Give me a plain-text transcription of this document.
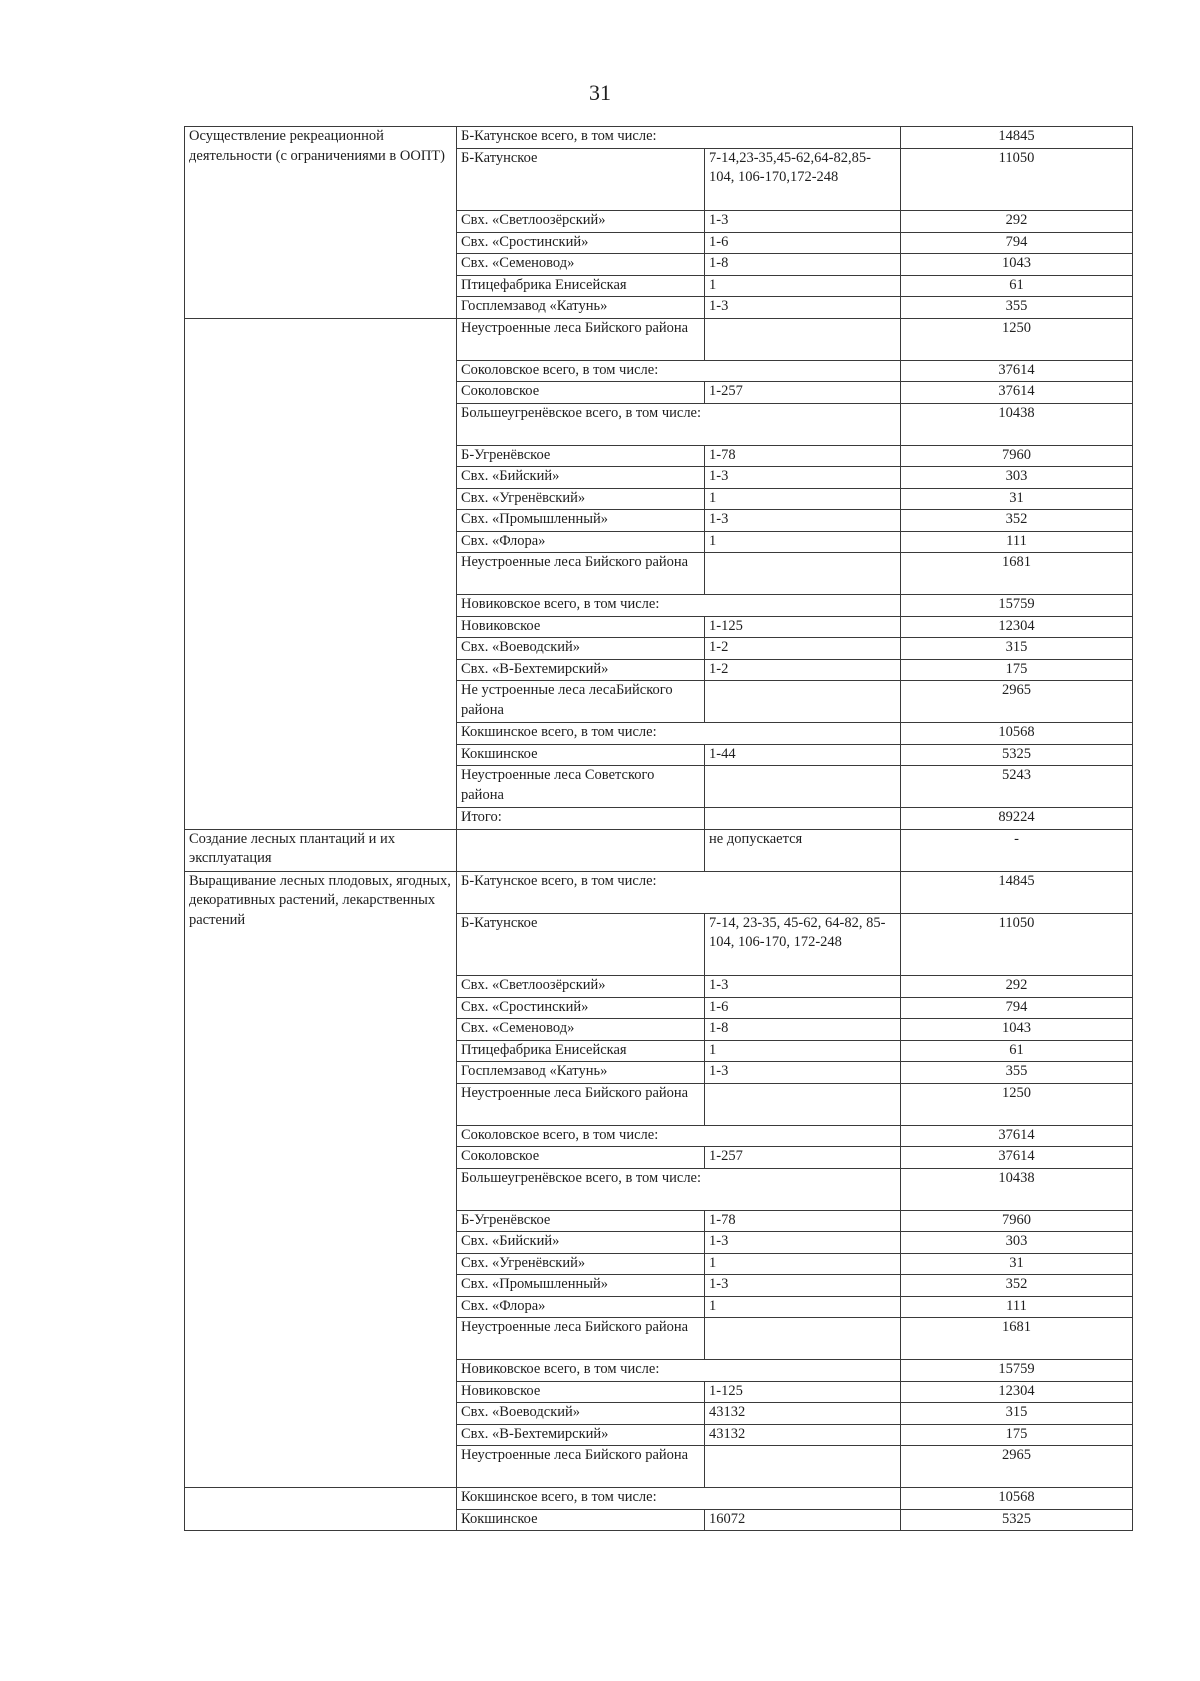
31
Осуществление рекреационной деятельности (с ограничениями в ООПТ)	Б-Катунское всего, в том числе:		14845
	Б-Катунское	7-14,23-35,45-62,64-82,85-104, 106-170,172-248	11050
	Свх. «Светлоозёрский»	1-3	292
	Свх. «Сростинский»	1-6	794
	Свх. «Семеновод»	1-8	1043
	Птицефабрика Енисейская	1	61
	Госплемзавод «Катунь»	1-3	355
	Неустроенные леса Бийского района		1250
	Соколовское всего, в том числе:		37614
	Соколовское	1-257	37614
	Большеугренёвское всего, в том числе:		10438
	Б-Угренёвское	1-78	7960
	Свх. «Бийский»	1-3	303
	Свх. «Угренёвский»	1	31
	Свх. «Промышленный»	1-3	352
	Свх. «Флора»	1	111
	Неустроенные леса Бийского района		1681
	Новиковское всего, в том числе:		15759
	Новиковское	1-125	12304
	Свх. «Воеводский»	1-2	315
	Свх. «В-Бехтемирский»	1-2	175
	Не устроенные леса лесаБийского района		2965
	Кокшинское всего, в том числе:		10568
	Кокшинское	1-44	5325
	Неустроенные леса Советского района		5243
	Итого:		89224
Создание лесных плантаций и их эксплуатация		не допускается	-
Выращивание лесных плодовых, ягодных, декоративных растений, лекарственных растений	Б-Катунское всего, в том числе:		14845
	Б-Катунское	7-14, 23-35, 45-62, 64-82, 85-104, 106-170, 172-248	11050
	Свх. «Светлоозёрский»	1-3	292
	Свх. «Сростинский»	1-6	794
	Свх. «Семеновод»	1-8	1043
	Птицефабрика Енисейская	1	61
	Госплемзавод «Катунь»	1-3	355
	Неустроенные леса Бийского района		1250
	Соколовское всего, в том числе:		37614
	Соколовское	1-257	37614
	Большеугренёвское всего, в том числе:		10438
	Б-Угренёвское	1-78	7960
	Свх. «Бийский»	1-3	303
	Свх. «Угренёвский»	1	31
	Свх. «Промышленный»	1-3	352
	Свх. «Флора»	1	111
	Неустроенные леса Бийского района		1681
	Новиковское всего, в том числе:		15759
	Новиковское	1-125	12304
	Свх. «Воеводский»	43132	315
	Свх. «В-Бехтемирский»	43132	175
	Неустроенные леса Бийского района		2965
	Кокшинское всего, в том числе:		10568
	Кокшинское	16072	5325
